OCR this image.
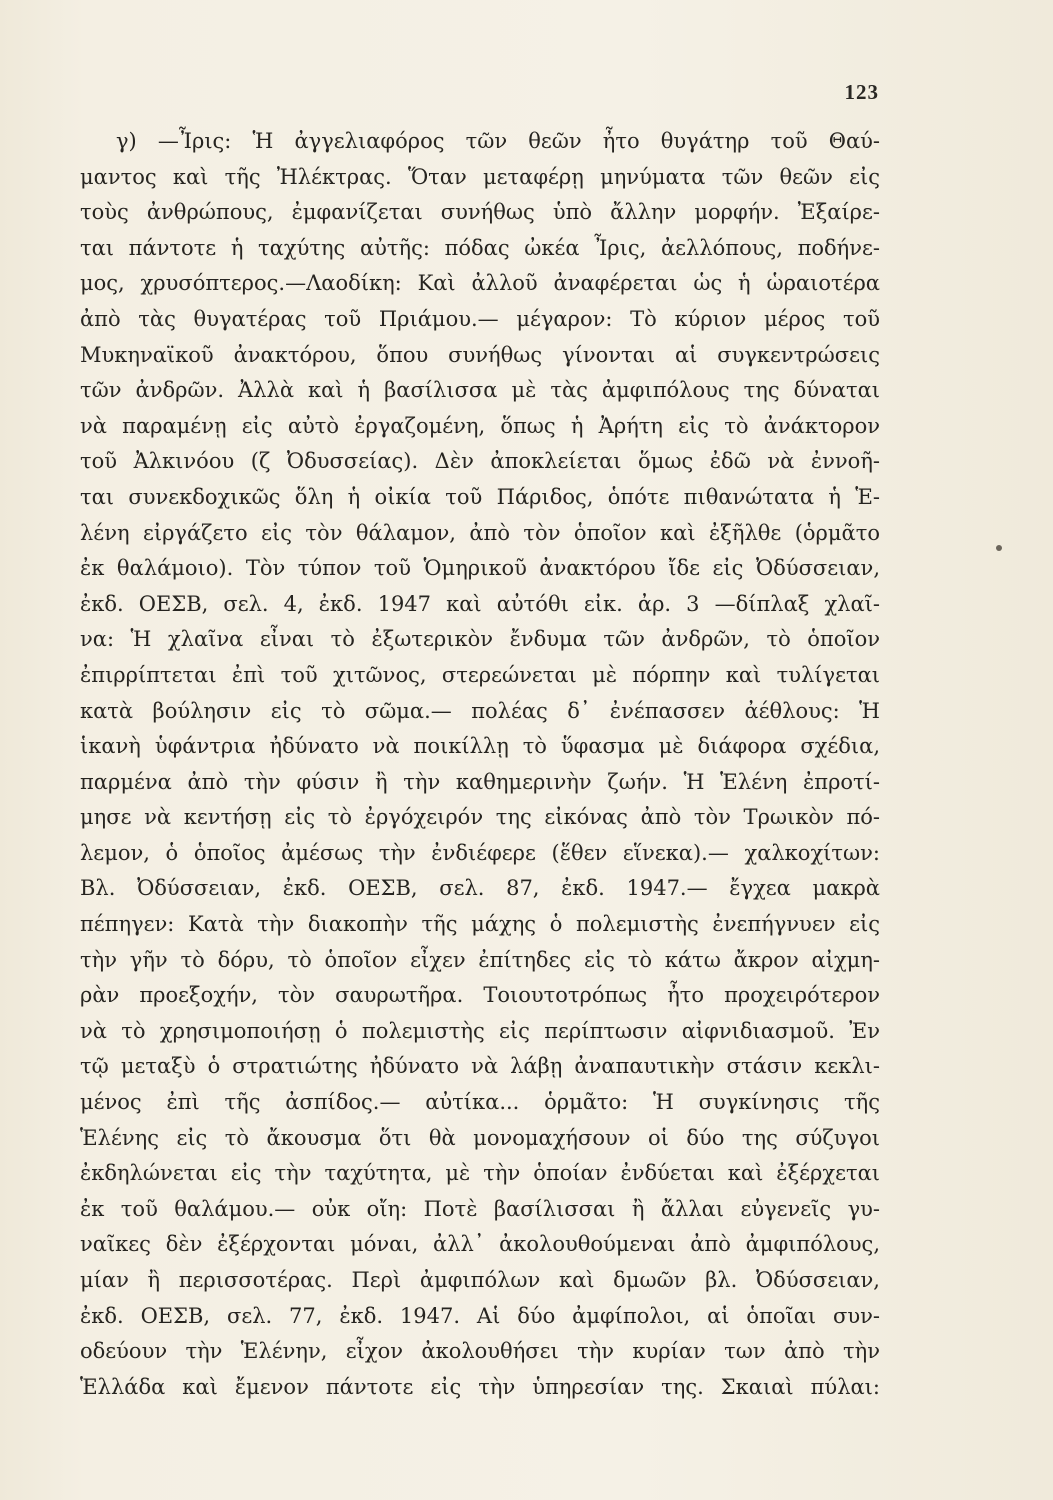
123
γ) —Ἶρις: Ἡ ἀγγελιαφόρος τῶν θεῶν ἦτο θυγάτηρ τοῦ Θαύ-
μαντος καὶ τῆς Ἠλέκτρας. Ὅταν μεταφέρῃ μηνύματα τῶν θεῶν εἰς
τοὺς ἀνθρώπους, ἐμφανίζεται συνήθως ὑπὸ ἄλλην μορφήν. Ἐξαίρε-
ται πάντοτε ἡ ταχύτης αὐτῆς: πόδας ὠκέα Ἶρις, ἀελλόπους, ποδήνε-
μος, χρυσόπτερος.—Λαοδίκη: Καὶ ἀλλοῦ ἀναφέρεται ὡς ἡ ὡραιοτέρα
ἀπὸ τὰς θυγατέρας τοῦ Πριάμου.— μέγαρον: Τὸ κύριον μέρος τοῦ
Μυκηναϊκοῦ ἀνακτόρου, ὅπου συνήθως γίνονται αἱ συγκεντρώσεις
τῶν ἀνδρῶν. Ἀλλὰ καὶ ἡ βασίλισσα μὲ τὰς ἀμφιπόλους της δύναται
νὰ παραμένῃ εἰς αὐτὸ ἐργαζομένη, ὅπως ἡ Ἀρήτη εἰς τὸ ἀνάκτορον
τοῦ Ἀλκινόου (ζ Ὀδυσσείας). Δὲν ἀποκλείεται ὅμως ἐδῶ νὰ ἐννοῆ-
ται συνεκδοχικῶς ὅλη ἡ οἰκία τοῦ Πάριδος, ὁπότε πιθανώτατα ἡ Ἑ-
λένη εἰργάζετο εἰς τὸν θάλαμον, ἀπὸ τὸν ὁποῖον καὶ ἐξῆλθε (ὁρμᾶτο
ἐκ θαλάμοιο). Τὸν τύπον τοῦ Ὁμηρικοῦ ἀνακτόρου ἴδε εἰς Ὀδύσσειαν,
ἐκδ. ΟΕΣΒ, σελ. 4, ἐκδ. 1947 καὶ αὐτόθι εἰκ. ἀρ. 3 —δίπλαξ χλαῖ-
να: Ἡ χλαῖνα εἶναι τὸ ἐξωτερικὸν ἔνδυμα τῶν ἀνδρῶν, τὸ ὁποῖον
ἐπιρρίπτεται ἐπὶ τοῦ χιτῶνος, στερεώνεται μὲ πόρπην καὶ τυλίγεται
κατὰ βούλησιν εἰς τὸ σῶμα.— πολέας δ᾽ ἐνέπασσεν ἀέθλους: Ἡ
ἱκανὴ ὑφάντρια ἠδύνατο νὰ ποικίλλῃ τὸ ὕφασμα μὲ διάφορα σχέδια,
παρμένα ἀπὸ τὴν φύσιν ἢ τὴν καθημερινὴν ζωήν. Ἡ Ἑλένη ἐπροτί-
μησε νὰ κεντήσῃ εἰς τὸ ἐργόχειρόν της εἰκόνας ἀπὸ τὸν Τρωικὸν πό-
λεμον, ὁ ὁποῖος ἀμέσως τὴν ἐνδιέφερε (ἕθεν εἵνεκα).— χαλκοχίτων:
Βλ. Ὀδύσσειαν, ἐκδ. ΟΕΣΒ, σελ. 87, ἐκδ. 1947.— ἔγχεα μακρὰ
πέπηγεν: Κατὰ τὴν διακοπὴν τῆς μάχης ὁ πολεμιστὴς ἐνεπήγνυεν εἰς
τὴν γῆν τὸ δόρυ, τὸ ὁποῖον εἶχεν ἐπίτηδες εἰς τὸ κάτω ἄκρον αἰχμη-
ρὰν προεξοχήν, τὸν σαυρωτῆρα. Τοιουτοτρόπως ἦτο προχειρότερον
νὰ τὸ χρησιμοποιήσῃ ὁ πολεμιστὴς εἰς περίπτωσιν αἰφνιδιασμοῦ. Ἐν
τῷ μεταξὺ ὁ στρατιώτης ἠδύνατο νὰ λάβῃ ἀναπαυτικὴν στάσιν κεκλι-
μένος ἐπὶ τῆς ἀσπίδος.— αὐτίκα... ὁρμᾶτο: Ἡ συγκίνησις τῆς
Ἑλένης εἰς τὸ ἄκουσμα ὅτι θὰ μονομαχήσουν οἱ δύο της σύζυγοι
ἐκδηλώνεται εἰς τὴν ταχύτητα, μὲ τὴν ὁποίαν ἐνδύεται καὶ ἐξέρχεται
ἐκ τοῦ θαλάμου.— οὐκ οἴη: Ποτὲ βασίλισσαι ἢ ἄλλαι εὐγενεῖς γυ-
ναῖκες δὲν ἐξέρχονται μόναι, ἀλλ᾽ ἀκολουθούμεναι ἀπὸ ἀμφιπόλους,
μίαν ἢ περισσοτέρας. Περὶ ἀμφιπόλων καὶ δμωῶν βλ. Ὀδύσσειαν,
ἐκδ. ΟΕΣΒ, σελ. 77, ἐκδ. 1947. Αἱ δύο ἀμφίπολοι, αἱ ὁποῖαι συν-
οδεύουν τὴν Ἑλένην, εἶχον ἀκολουθήσει τὴν κυρίαν των ἀπὸ τὴν
Ἑλλάδα καὶ ἔμενον πάντοτε εἰς τὴν ὑπηρεσίαν της. Σκαιαὶ πύλαι:
